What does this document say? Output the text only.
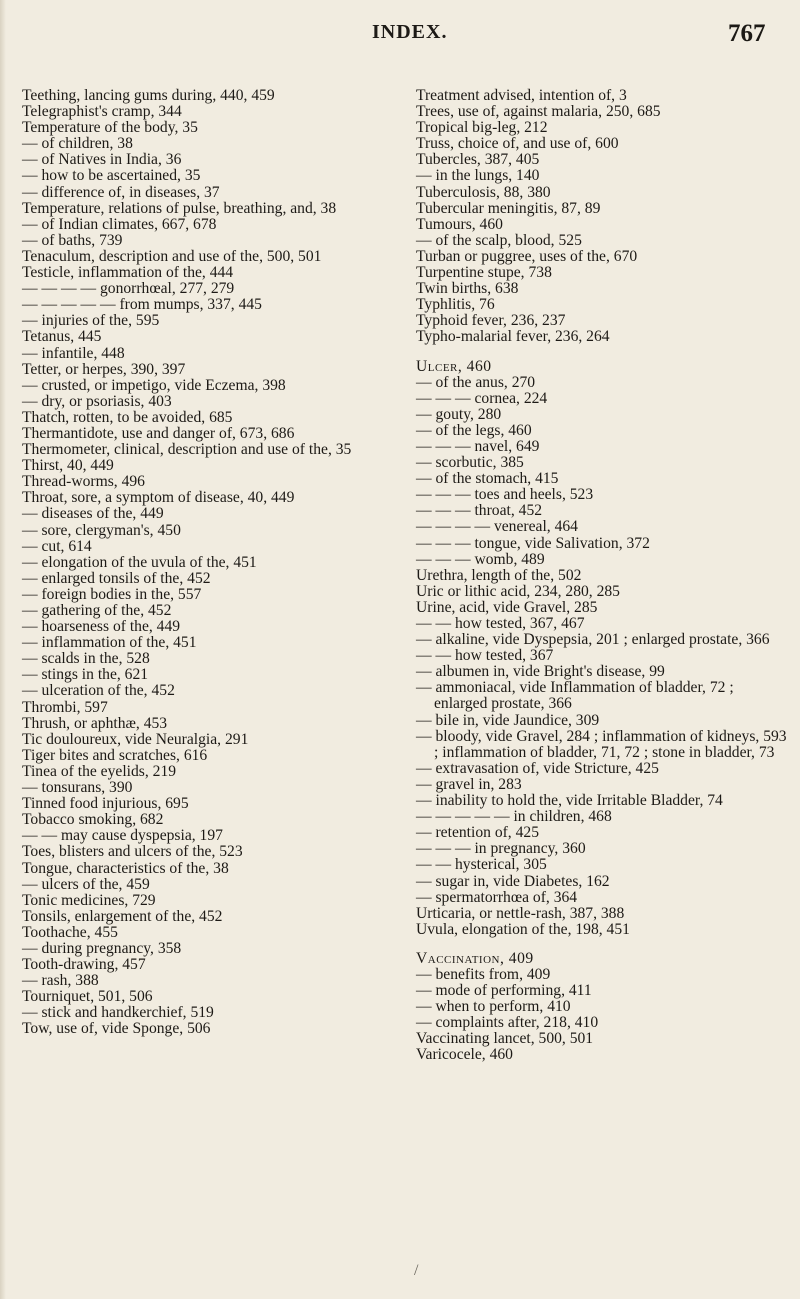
INDEX.	767
Teething, lancing gums during, 440, 459
Telegraphist's cramp, 344
Temperature of the body, 35
— of children, 38
— of Natives in India, 36
— how to be ascertained, 35
— difference of, in diseases, 37
Temperature, relations of pulse, breathing, and, 38
— of Indian climates, 667, 678
— of baths, 739
Tenaculum, description and use of the, 500, 501
Testicle, inflammation of the, 444
— — — — gonorrhœal, 277, 279
— — — — — from mumps, 337, 445
— injuries of the, 595
Tetanus, 445
— infantile, 448
Tetter, or herpes, 390, 397
— crusted, or impetigo, vide Eczema, 398
— dry, or psoriasis, 403
Thatch, rotten, to be avoided, 685
Thermantidote, use and danger of, 673, 686
Thermometer, clinical, description and use of the, 35
Thirst, 40, 449
Thread-worms, 496
Throat, sore, a symptom of disease, 40, 449
— diseases of the, 449
— sore, clergyman's, 450
— cut, 614
— elongation of the uvula of the, 451
— enlarged tonsils of the, 452
— foreign bodies in the, 557
— gathering of the, 452
— hoarseness of the, 449
— inflammation of the, 451
— scalds in the, 528
— stings in the, 621
— ulceration of the, 452
Thrombi, 597
Thrush, or aphthæ, 453
Tic douloureux, vide Neuralgia, 291
Tiger bites and scratches, 616
Tinea of the eyelids, 219
— tonsurans, 390
Tinned food injurious, 695
Tobacco smoking, 682
— — may cause dyspepsia, 197
Toes, blisters and ulcers of the, 523
Tongue, characteristics of the, 38
— ulcers of the, 459
Tonic medicines, 729
Tonsils, enlargement of the, 452
Toothache, 455
— during pregnancy, 358
Tooth-drawing, 457
— rash, 388
Tourniquet, 501, 506
— stick and handkerchief, 519
Tow, use of, vide Sponge, 506
Treatment advised, intention of, 3
Trees, use of, against malaria, 250, 685
Tropical big-leg, 212
Truss, choice of, and use of, 600
Tubercles, 387, 405
— in the lungs, 140
Tuberculosis, 88, 380
Tubercular meningitis, 87, 89
Tumours, 460
— of the scalp, blood, 525
Turban or puggree, uses of the, 670
Turpentine stupe, 738
Twin births, 638
Typhlitis, 76
Typhoid fever, 236, 237
Typho-malarial fever, 236, 264
Ulcer, 460
— of the anus, 270
— — — cornea, 224
— gouty, 280
— of the legs, 460
— — — navel, 649
— scorbutic, 385
— of the stomach, 415
— — — toes and heels, 523
— — — throat, 452
— — — — venereal, 464
— — — tongue, vide Salivation, 372
— — — womb, 489
Urethra, length of the, 502
Uric or lithic acid, 234, 280, 285
Urine, acid, vide Gravel, 285
— — how tested, 367, 467
— alkaline, vide Dyspepsia, 201 ; enlarged prostate, 366
— — how tested, 367
— albumen in, vide Bright's disease, 99
— ammoniacal, vide Inflammation of bladder, 72 ; enlarged prostate, 366
— bile in, vide Jaundice, 309
— bloody, vide Gravel, 284 ; inflammation of kidneys, 593 ; inflammation of bladder, 71, 72 ; stone in bladder, 73
— extravasation of, vide Stricture, 425
— gravel in, 283
— inability to hold the, vide Irritable Bladder, 74
— — — — — in children, 468
— retention of, 425
— — — in pregnancy, 360
— — hysterical, 305
— sugar in, vide Diabetes, 162
— spermatorrhœa of, 364
Urticaria, or nettle-rash, 387, 388
Uvula, elongation of the, 198, 451
Vaccination, 409
— benefits from, 409
— mode of performing, 411
— when to perform, 410
— complaints after, 218, 410
Vaccinating lancet, 500, 501
Varicocele, 460
/
